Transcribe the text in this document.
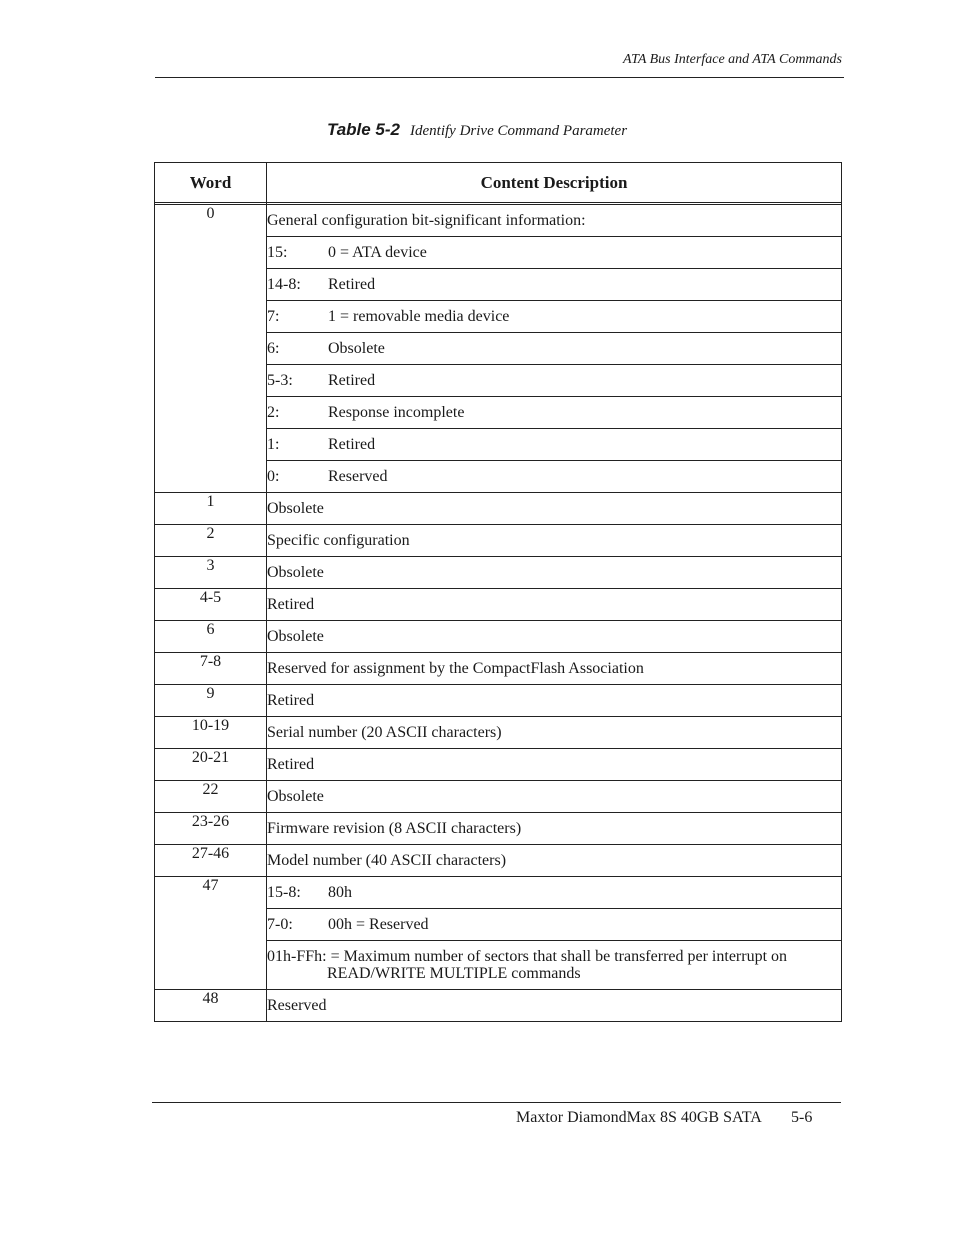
ATA Bus Interface and ATA Commands
Table 5-2 Identify Drive Command Parameter
Word	Content Description

0	General configuration bit-significant information:
	15: 0 = ATA device
	14-8: Retired
	7: 1 = removable media device
	6: Obsolete
	5-3: Retired
	2: Response incomplete
	1: Retired
	0: Reserved
1	Obsolete
2	Specific configuration
3	Obsolete
4-5	Retired
6	Obsolete
7-8	Reserved for assignment by the CompactFlash Association
9	Retired
10-19	Serial number (20 ASCII characters)
20-21	Retired
22	Obsolete
23-26	Firmware revision (8 ASCII characters)
27-46	Model number (40 ASCII characters)
47	15-8: 80h
	7-0: 00h = Reserved
	01h-FFh: = Maximum number of sectors that shall be transferred per interrupt on
READ/WRITE MULTIPLE commands

48	Reserved
Maxtor DiamondMax 8S 40GB SATA 5-6
